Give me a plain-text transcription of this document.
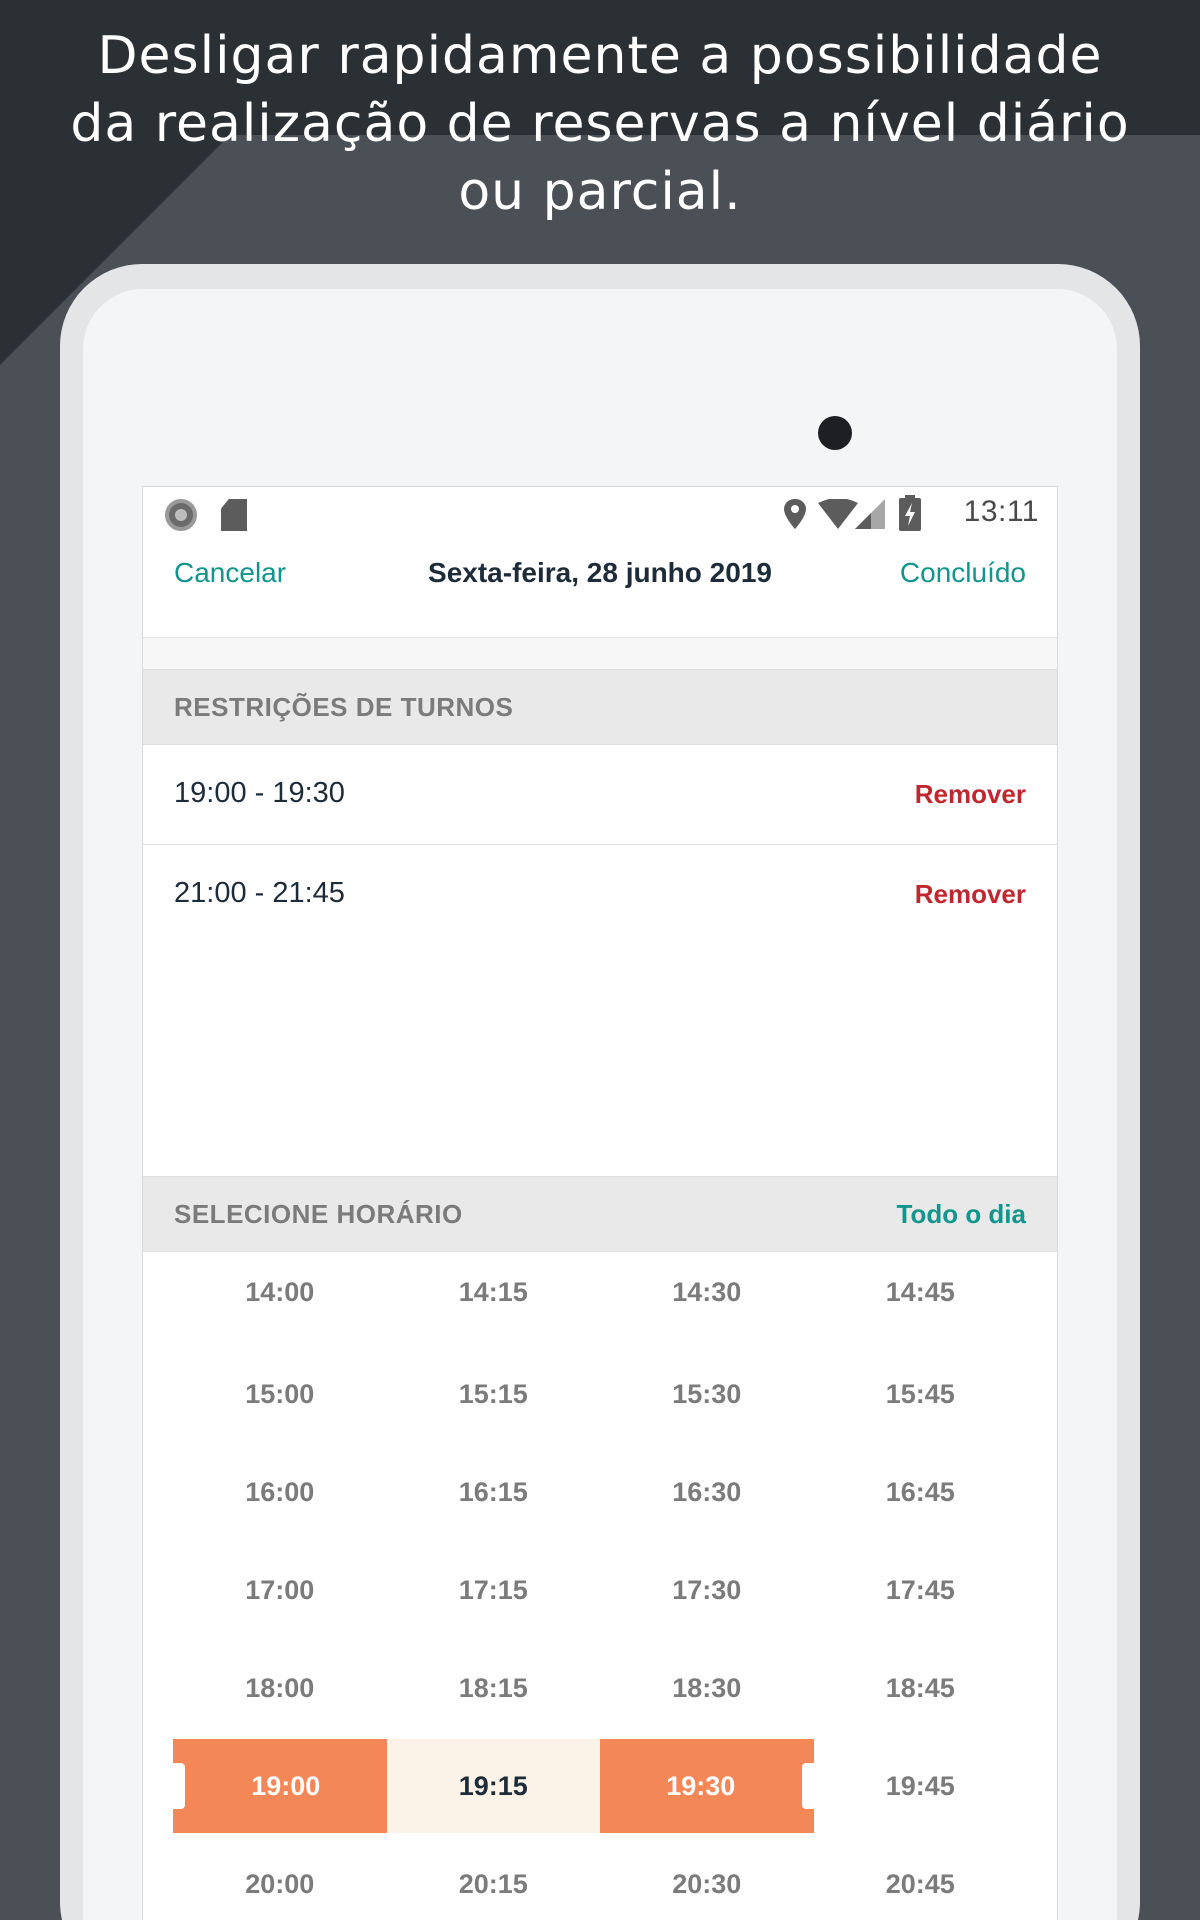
Desligar rapidamente a possibilidade
da realização de reservas a nível diário
ou parcial.
13:11
Sexta-feira, 28 junho 2019
Cancelar	Concluído
RESTRIÇÕES DE TURNOS
19:00 - 19:30	Remover
21:00 - 21:45	Remover
SELECIONE HORÁRIO	Todo o dia
14:00	14:15	14:30	14:45
15:00	15:15	15:30	15:45
16:00	16:15	16:30	16:45
17:00	17:15	17:30	17:45
18:00	18:15	18:30	18:45
19:00	19:15	19:30	19:45
20:00	20:15	20:30	20:45
